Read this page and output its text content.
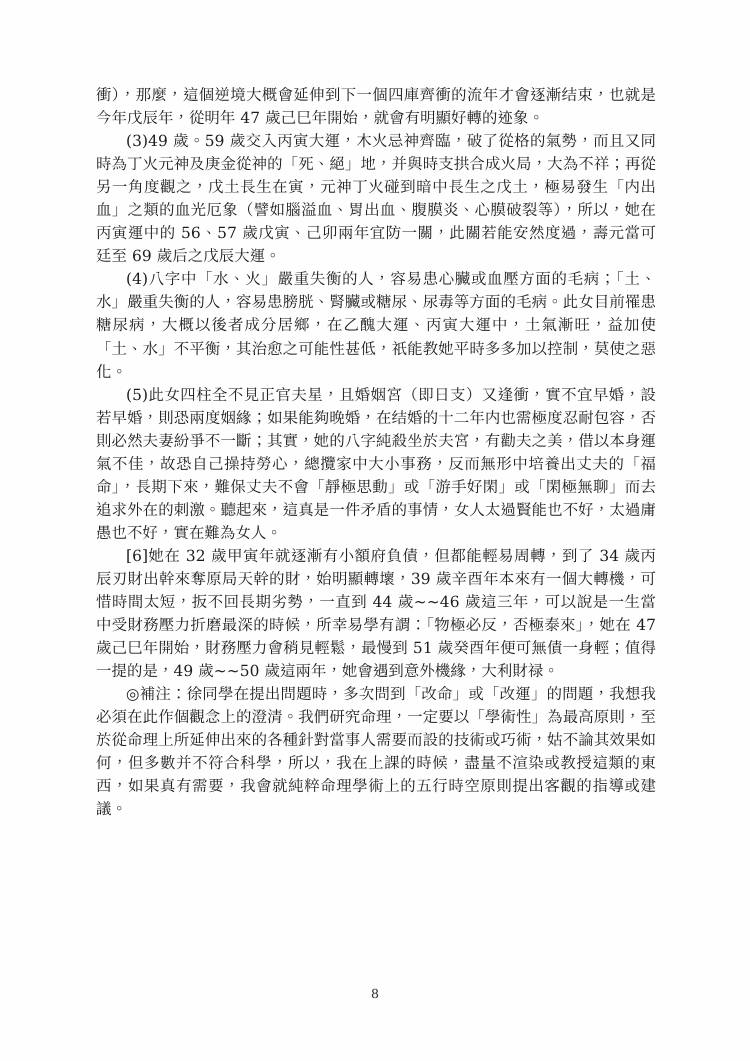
衝），那麼，這個逆境大概會延伸到下一個四庫齊衝的流年才會逐漸结束，也就是今年戊辰年，從明年 47 歲己巳年開始，就會有明顯好轉的迹象。

(3)49 歲。59 歲交入丙寅大運，木火忌神齊臨，破了從格的氣勢，而且又同時為丁火元神及庚金從神的「死、絕」地，并與時支拱合成火局，大為不祥；再從另一角度觀之，戊土長生在寅，元神丁火碰到暗中長生之戊土，極易發生「内出血」之類的血光厄象（譬如腦溢血、胃出血、腹膜炎、心膜破裂等），所以，她在丙寅運中的 56、57 歲戊寅、己卯兩年宜防一關，此關若能安然度過，壽元當可廷至 69 歲后之戊辰大運。

(4)八字中「水、火」嚴重失衡的人，容易患心臟或血壓方面的毛病；「土、水」嚴重失衡的人，容易患膀胱、腎臟或糖尿、尿毒等方面的毛病。此女目前罹患糖尿病，大概以後者成分居鄉，在乙醜大運、丙寅大運中，土氣漸旺，益加使「土、水」不平衡，其治愈之可能性甚低，祇能教她平時多多加以控制，莫使之惡化。

(5)此女四柱全不見正官夫星，且婚姻宮（即日支）又逢衝，實不宜早婚，設若早婚，則恐兩度姻緣；如果能夠晚婚，在结婚的十二年内也需極度忍耐包容，否則必然夫妻紛爭不一斷；其實，她的八字純殺坐於夫宮，有勸夫之美，借以本身運氣不佳，故恐自己操持勞心，總攬家中大小事務，反而無形中培養出丈夫的「福命」，長期下來，難保丈夫不會「靜極思動」或「游手好閑」或「閑極無聊」而去追求外在的刺激。聽起來，這真是一件矛盾的事情，女人太過賢能也不好，太過庸愚也不好，實在難為女人。

[6]她在 32 歲甲寅年就逐漸有小額府負債，但都能輕易周轉，到了 34 歲丙辰刃財出幹來奪原局天幹的財，始明顯轉壞，39 歲辛酉年本來有一個大轉機，可惜時間太短，扳不回長期劣勢，一直到 44 歲~~46 歲這三年，可以說是一生當中受財務壓力折磨最深的時候，所幸易學有謂：「物極必反，否極泰來」，她在 47 歲己巳年開始，財務壓力會稍見輕鬆，最慢到 51 歲癸酉年便可無債一身輕；值得一提的是，49 歲~~50 歲這兩年，她會遇到意外機緣，大利財禄。

◎補注：徐同學在提出問題時，多次問到「改命」或「改運」的問題，我想我必須在此作個觀念上的澄清。我們研究命理，一定要以「學術性」為最高原則，至於從命理上所延伸出來的各種針對當事人需要而設的技術或巧術，姑不論其效果如何，但多數并不符合科學，所以，我在上課的時候，盡量不渲染或教授這類的東西，如果真有需要，我會就純粹命理學術上的五行時空原則提出客觀的指導或建議。

8
